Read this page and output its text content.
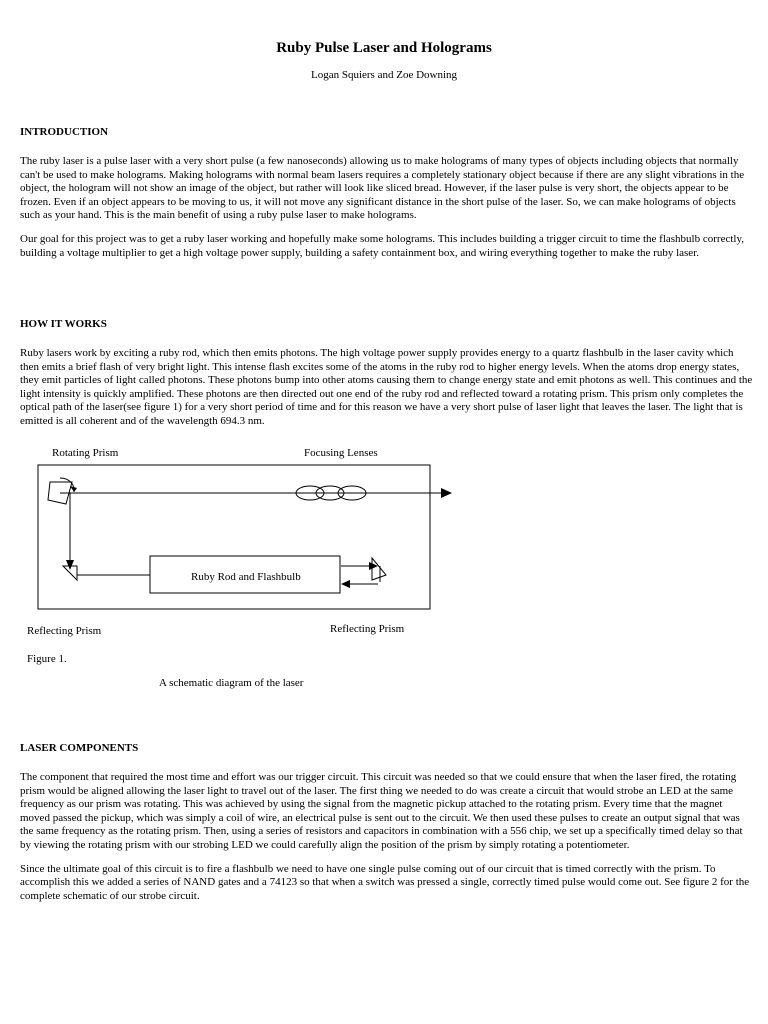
Ruby Pulse Laser and Holograms
Logan Squiers and Zoe Downing
INTRODUCTION

The ruby laser is a pulse laser with a very short pulse (a few nanoseconds) allowing us to make holograms of many types of objects including objects that normally can't be used to make holograms. Making holograms with normal beam lasers requires a completely stationary object because if there are any slight vibrations in the object, the hologram will not show an image of the object, but rather will look like sliced bread. However, if the laser pulse is very short, the objects appear to be frozen. Even if an object appears to be moving to us, it will not move any significant distance in the short pulse of the laser. So, we can make holograms of objects such as your hand. This is the main benefit of using a ruby pulse laser to make holograms.

Our goal for this project was to get a ruby laser working and hopefully make some holograms. This includes building a trigger circuit to time the flashbulb correctly, building a voltage multiplier to get a high voltage power supply, building a safety containment box, and wiring everything together to make the ruby laser.

HOW IT WORKS

Ruby lasers work by exciting a ruby rod, which then emits photons. The high voltage power supply provides energy to a quartz flashbulb in the laser cavity which then emits a brief flash of very bright light. This intense flash excites some of the atoms in the ruby rod to higher energy levels. When the atoms drop energy states, they emit particles of light called photons. These photons bump into other atoms causing them to change energy state and emit photons as well. This continues and the light intensity is quickly amplified. These photons are then directed out one end of the ruby rod and reflected toward a rotating prism. This prism only completes the optical path of the laser(see figure 1) for a very short period of time and for this reason we have a very short pulse of laser light that leaves the laser. The light that is emitted is all coherent and of the wavelength 694.3 nm.

Rotating Prism	Focusing Lenses
Ruby Rod and Flashbulb
Reflecting Prism	Reflecting Prism
Figure 1.
A schematic diagram of the laser
LASER COMPONENTS

The component that required the most time and effort was our trigger circuit. This circuit was needed so that we could ensure that when the laser fired, the rotating prism would be aligned allowing the laser light to travel out of the laser. The first thing we needed to do was create a circuit that would strobe an LED at the same frequency as our prism was rotating. This was achieved by using the signal from the magnetic pickup attached to the rotating prism. Every time that the magnet moved passed the pickup, which was simply a coil of wire, an electrical pulse is sent out to the circuit. We then used these pulses to create an output signal that was the same frequency as the rotating prism. Then, using a series of resistors and capacitors in combination with a 556 chip, we set up a specifically timed delay so that by viewing the rotating prism with our strobing LED we could carefully align the position of the prism by simply rotating a potentiometer.

Since the ultimate goal of this circuit is to fire a flashbulb we need to have one single pulse coming out of our circuit that is timed correctly with the prism. To accomplish this we added a series of NAND gates and a 74123 so that when a switch was pressed a single, correctly timed pulse would come out. See figure 2 for the complete schematic of our strobe circuit.
